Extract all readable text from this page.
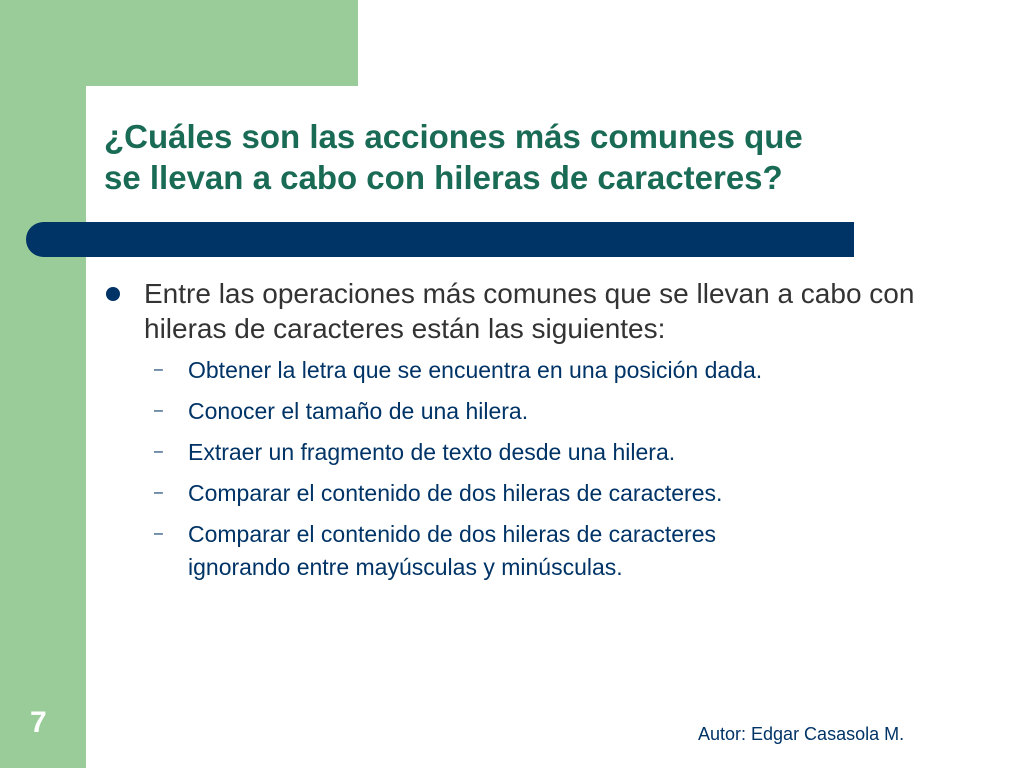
¿Cuáles son las acciones más comunes que
se llevan a cabo con hileras de caracteres?
Entre las operaciones más comunes que se llevan a cabo con hileras de caracteres están las siguientes:
– Obtener la letra que se encuentra en una posición dada.
– Conocer el tamaño de una hilera.
– Extraer un fragmento de texto desde una hilera.
– Comparar el contenido de dos hileras de caracteres.
– Comparar el contenido de dos hileras de caracteres
ignorando entre mayúsculas y minúsculas.
7	Autor: Edgar Casasola M.
